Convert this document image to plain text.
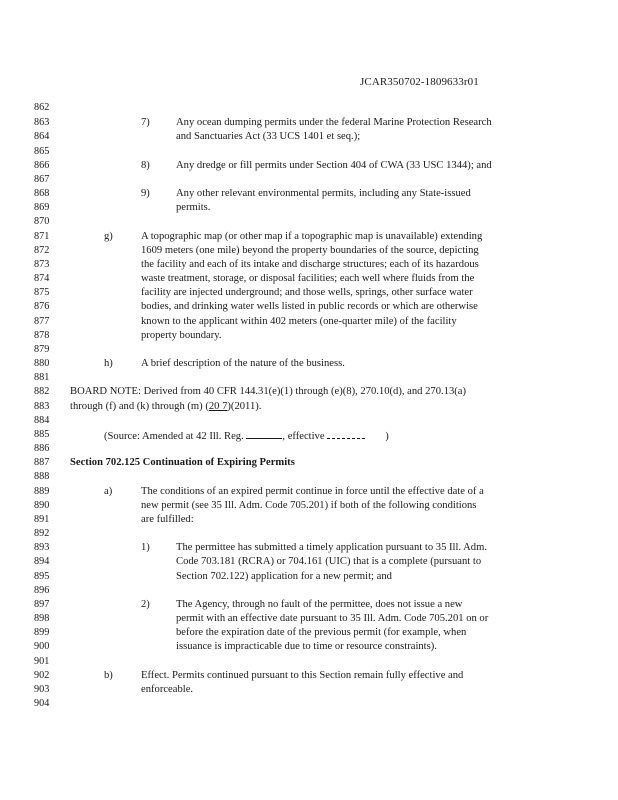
JCAR350702-1809633r01
862
863
864
865
866
867
868
869
870
871
872
873
874
875
876
877
878
879
880
881
882
883
884
885
886
887
888
889
890
891
892
893
894
895
896
897
898
899
900
901
902
903
904
7) Any ocean dumping permits under the federal Marine Protection Research
and Sanctuaries Act (33 UCS 1401 et seq.);
8) Any dredge or fill permits under Section 404 of CWA (33 USC 1344); and
9) Any other relevant environmental permits, including any State-issued
permits.
g)	A topographic map (or other map if a topographic map is unavailable) extending
1609 meters (one mile) beyond the property boundaries of the source, depicting
the facility and each of its intake and discharge structures; each of its hazardous
waste treatment, storage, or disposal facilities; each well where fluids from the
facility are injected underground; and those wells, springs, other surface water
bodies, and drinking water wells listed in public records or which are otherwise
known to the applicant within 402 meters (one-quarter mile) of the facility
property boundary.
h)	A brief description of the nature of the business.
BOARD NOTE: Derived from 40 CFR 144.31(e)(1) through (e)(8), 270.10(d), and 270.13(a)
through (f) and (k) through (m) (20 7)(2011).
(Source: Amended at 42 Ill. Reg.	, effective	)
Section 702.125 Continuation of Expiring Permits
a)	The conditions of an expired permit continue in force until the effective date of a
new permit (see 35 Ill. Adm. Code 705.201) if both of the following conditions
are fulfilled:
1) The permittee has submitted a timely application pursuant to 35 Ill. Adm.
Code 703.181 (RCRA) or 704.161 (UIC) that is a complete (pursuant to
Section 702.122) application for a new permit; and
2) The Agency, through no fault of the permittee, does not issue a new
permit with an effective date pursuant to 35 Ill. Adm. Code 705.201 on or
before the expiration date of the previous permit (for example, when
issuance is impracticable due to time or resource constraints).
b)	Effect. Permits continued pursuant to this Section remain fully effective and
enforceable.
